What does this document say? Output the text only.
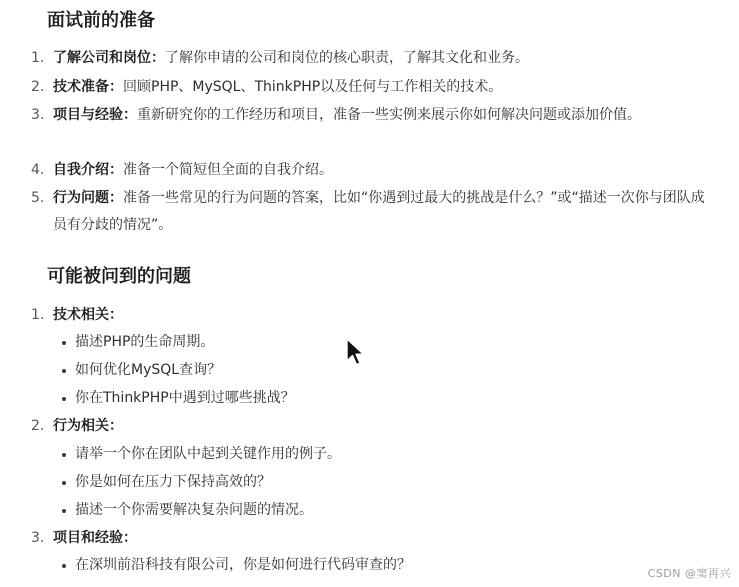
面试前的准备
1. 了解公司和岗位：了解你申请的公司和岗位的核心职责，了解其文化和业务。
2. 技术准备：回顾PHP、MySQL、ThinkPHP以及任何与工作相关的技术。
3. 项目与经验：重新研究你的工作经历和项目，准备一些实例来展示你如何解决问题或添加价值。
4. 自我介绍：准备一个简短但全面的自我介绍。
5. 行为问题：准备一些常见的行为问题的答案，比如“你遇到过最大的挑战是什么？”或“描述一次你与团队成员有分歧的情况”。
可能被问到的问题
1. 技术相关：
描述PHP的生命周期。
如何优化MySQL查询？
你在ThinkPHP中遇到过哪些挑战？
2. 行为相关：
请举一个你在团队中起到关键作用的例子。
你是如何在压力下保持高效的？
描述一个你需要解决复杂问题的情况。
3. 项目和经验：
在深圳前沿科技有限公司，你是如何进行代码审查的？
CSDN @窦再兴
